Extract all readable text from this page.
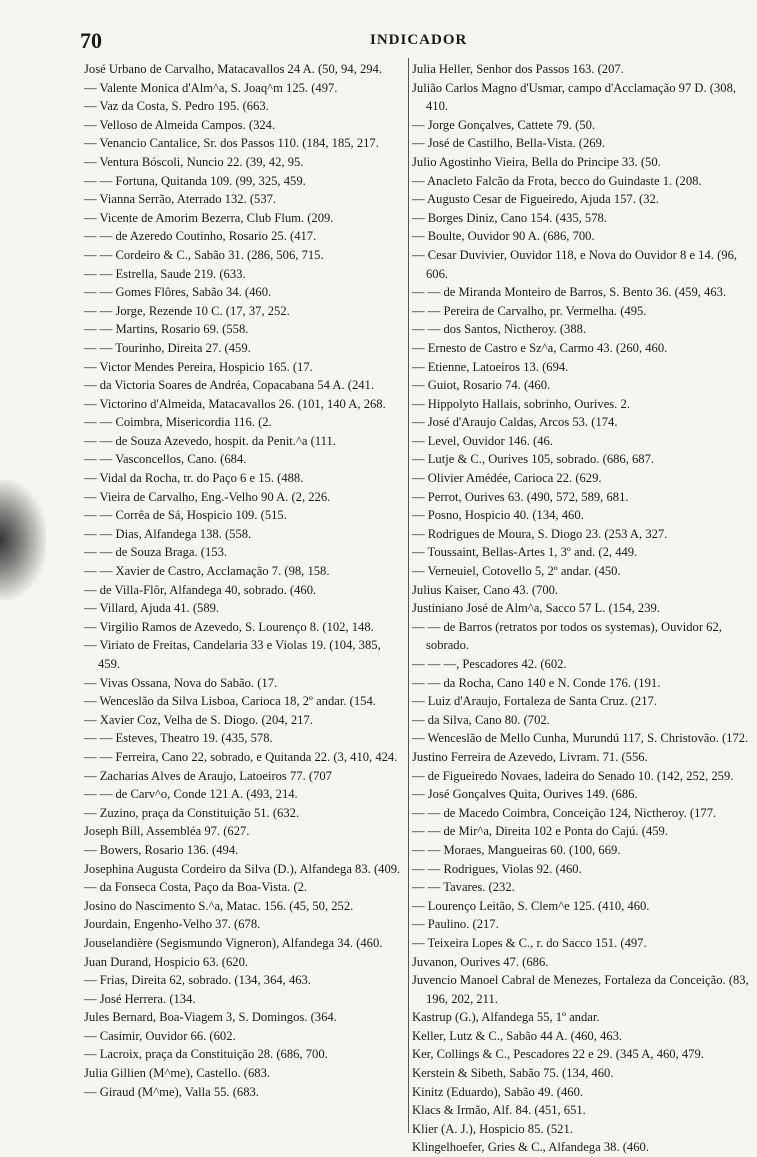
70	INDICADOR

José Urbano de Carvalho, Matacavallos 24 A. (50, 94, 294.

— Valente Monica d'Alm^a, S. Joaq^m 125. (497.

— Vaz da Costa, S. Pedro 195. (663.

— Velloso de Almeida Campos. (324.

— Venancio Cantalice, Sr. dos Passos 110. (184, 185, 217.

— Ventura Bóscoli, Nuncio 22. (39, 42, 95.

— — Fortuna, Quitanda 109. (99, 325, 459.

— Vianna Serrão, Aterrado 132. (537.

— Vicente de Amorim Bezerra, Club Flum. (209.

— — de Azeredo Coutinho, Rosario 25. (417.

— — Cordeiro & C., Sabão 31. (286, 506, 715.

— — Estrella, Saude 219. (633.

— — Gomes Flôres, Sabão 34. (460.

— — Jorge, Rezende 10 C. (17, 37, 252.

— — Martins, Rosario 69. (558.

— — Tourinho, Direita 27. (459.

— Victor Mendes Pereira, Hospicio 165. (17.

— da Victoria Soares de Andréa, Copacabana 54 A. (241.

— Victorino d'Almeida, Matacavallos 26. (101, 140 A, 268.

— — Coimbra, Misericordia 116. (2.

— — de Souza Azevedo, hospit. da Penit.^a (111.

— — Vasconcellos, Cano. (684.

— Vidal da Rocha, tr. do Paço 6 e 15. (488.

— Vieira de Carvalho, Eng.-Velho 90 A. (2, 226.

— — Corrêa de Sá, Hospicio 109. (515.

— — Dias, Alfandega 138. (558.

— — de Souza Braga. (153.

— — Xavier de Castro, Acclamação 7. (98, 158.

— de Villa-Flôr, Alfandega 40, sobrado. (460.

— Villard, Ajuda 41. (589.

— Virgilio Ramos de Azevedo, S. Lourenço 8. (102, 148.

— Viriato de Freitas, Candelaria 33 e Violas 19. (104, 385, 459.

— Vivas Ossana, Nova do Sabão. (17.

— Wenceslão da Silva Lisboa, Carioca 18, 2º andar. (154.

— Xavier Coz, Velha de S. Diogo. (204, 217.

— — Esteves, Theatro 19. (435, 578.

— — Ferreira, Cano 22, sobrado, e Quitanda 22. (3, 410, 424.

— Zacharias Alves de Araujo, Latoeiros 77. (707

— — de Carv^o, Conde 121 A. (493, 214.

— Zuzino, praça da Constituição 51. (632.

Joseph Bill, Assembléa 97. (627.

— Bowers, Rosario 136. (494.

Josephina Augusta Cordeiro da Silva (D.), Alfandega 83. (409.

— da Fonseca Costa, Paço da Boa-Vista. (2.

Josino do Nascimento S.^a, Matac. 156. (45, 50, 252.

Jourdain, Engenho-Velho 37. (678.

Jouselandière (Segismundo Vigneron), Alfandega 34. (460.

Juan Durand, Hospicio 63. (620.

— Frias, Direita 62, sobrado. (134, 364, 463.

— José Herrera. (134.

Jules Bernard, Boa-Viagem 3, S. Domingos. (364.

— Casimir, Ouvidor 66. (602.

— Lacroix, praça da Constituição 28. (686, 700.

Julia Gillien (M^me), Castello. (683.

— Giraud (M^me), Valla 55. (683.

Julia Heller, Senhor dos Passos 163. (207.

Julião Carlos Magno d'Usmar, campo d'Acclamação 97 D. (308, 410.

— Jorge Gonçalves, Cattete 79. (50.

— José de Castilho, Bella-Vista. (269.

Julio Agostinho Vieira, Bella do Principe 33. (50.

— Anacleto Falcão da Frota, becco do Guindaste 1. (208.

— Augusto Cesar de Figueiredo, Ajuda 157. (32.

— Borges Diniz, Cano 154. (435, 578.

— Boulte, Ouvidor 90 A. (686, 700.

— Cesar Duvivier, Ouvidor 118, e Nova do Ouvidor 8 e 14. (96, 606.

— — de Miranda Monteiro de Barros, S. Bento 36. (459, 463.

— — Pereira de Carvalho, pr. Vermelha. (495.

— — dos Santos, Nictheroy. (388.

— Ernesto de Castro e Sz^a, Carmo 43. (260, 460.

— Etienne, Latoeiros 13. (694.

— Guiot, Rosario 74. (460.

— Hippolyto Hallais, sobrinho, Ourives. 2.

— José d'Araujo Caldas, Arcos 53. (174.

— Level, Ouvidor 146. (46.

— Lutje & C., Ourives 105, sobrado. (686, 687.

— Olivier Amédée, Carioca 22. (629.

— Perrot, Ourives 63. (490, 572, 589, 681.

— Posno, Hospicio 40. (134, 460.

— Rodrigues de Moura, S. Diogo 23. (253 A, 327.

— Toussaint, Bellas-Artes 1, 3º and. (2, 449.

— Verneuiel, Cotovello 5, 2º andar. (450.

Julius Kaiser, Cano 43. (700.

Justiniano José de Alm^a, Sacco 57 L. (154, 239.

— — de Barros (retratos por todos os systemas), Ouvidor 62, sobrado.

— — —, Pescadores 42. (602.

— — da Rocha, Cano 140 e N. Conde 176. (191.

— Luiz d'Araujo, Fortaleza de Santa Cruz. (217.

— da Silva, Cano 80. (702.

— Wenceslão de Mello Cunha, Murundú 117, S. Christovão. (172.

Justino Ferreira de Azevedo, Livram. 71. (556.

— de Figueiredo Novaes, ladeira do Senado 10. (142, 252, 259.

— José Gonçalves Quita, Ourives 149. (686.

— — de Macedo Coimbra, Conceição 124, Nictheroy. (177.

— — de Mir^a, Direita 102 e Ponta do Cajú. (459.

— — Moraes, Mangueiras 60. (100, 669.

— — Rodrigues, Violas 92. (460.

— — Tavares. (232.

— Lourenço Leitão, S. Clem^e 125. (410, 460.

— Paulino. (217.

— Teixeira Lopes & C., r. do Sacco 151. (497.

Juvanon, Ourives 47. (686.

Juvencio Manoel Cabral de Menezes, Fortaleza da Conceição. (83, 196, 202, 211.

Kastrup (G.), Alfandega 55, 1º andar.

Keller, Lutz & C., Sabão 44 A. (460, 463.

Ker, Collings & C., Pescadores 22 e 29. (345 A, 460, 479.

Kerstein & Sibeth, Sabão 75. (134, 460.

Kinitz (Eduardo), Sabão 49. (460.

Klacs & Irmão, Alf. 84. (451, 651.

Klier (A. J.), Hospicio 85. (521.

Klingelhoefer, Gries & C., Alfandega 38. (460.
